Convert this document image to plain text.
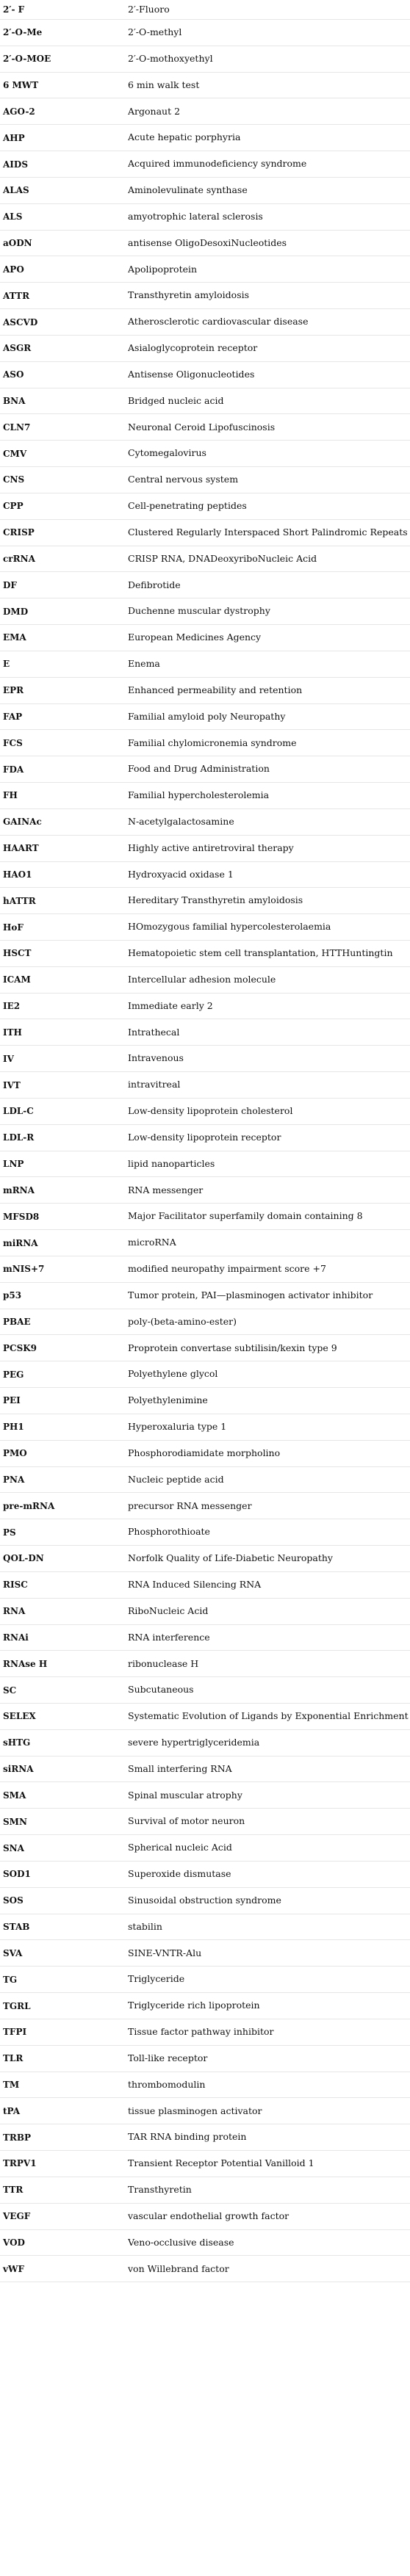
2′- F	2′-Fluoro
2′-O-Me	2′-O-methyl
2′-O-MOE	2′-O-mothoxyethyl
6 MWT	6 min walk test
AGO-2	Argonaut 2
AHP	Acute hepatic porphyria
AIDS	Acquired immunodeficiency syndrome
ALAS	Aminolevulinate synthase
ALS	amyotrophic lateral sclerosis
aODN	antisense OligoDesoxiNucleotides
APO	Apolipoprotein
ATTR	Transthyretin amyloidosis
ASCVD	Atherosclerotic cardiovascular disease
ASGR	Asialoglycoprotein receptor
ASO	Antisense Oligonucleotides
BNA	Bridged nucleic acid
CLN7	Neuronal Ceroid Lipofuscinosis
CMV	Cytomegalovirus
CNS	Central nervous system
CPP	Cell-penetrating peptides
CRISP	Clustered Regularly Interspaced Short Palindromic Repeats
crRNA	CRISP RNA, DNADeoxyriboNucleic Acid
DF	Defibrotide
DMD	Duchenne muscular dystrophy
EMA	European Medicines Agency
E	Enema
EPR	Enhanced permeability and retention
FAP	Familial amyloid poly Neuropathy
FCS	Familial chylomicronemia syndrome
FDA	Food and Drug Administration
FH	Familial hypercholesterolemia
GAINAc	N-acetylgalactosamine
HAART	Highly active antiretroviral therapy
HAO1	Hydroxyacid oxidase 1
hATTR	Hereditary Transthyretin amyloidosis
HoF	HOmozygous familial hypercolesterolaemia
HSCT	Hematopoietic stem cell transplantation, HTTHuntingtin
ICAM	Intercellular adhesion molecule
IE2	Immediate early 2
ITH	Intrathecal
IV	Intravenous
IVT	intravitreal
LDL-C	Low-density lipoprotein cholesterol
LDL-R	Low-density lipoprotein receptor
LNP	lipid nanoparticles
mRNA	RNA messenger
MFSD8	Major Facilitator superfamily domain containing 8
miRNA	microRNA
mNIS+7	modified neuropathy impairment score +7
p53	Tumor protein, PAI—plasminogen activator inhibitor
PBAE	poly-(beta-amino-ester)
PCSK9	Proprotein convertase subtilisin/kexin type 9
PEG	Polyethylene glycol
PEI	Polyethylenimine
PH1	Hyperoxaluria type 1
PMO	Phosphorodiamidate morpholino
PNA	Nucleic peptide acid
pre-mRNA	precursor RNA messenger
PS	Phosphorothioate
QOL-DN	Norfolk Quality of Life-Diabetic Neuropathy
RISC	RNA Induced Silencing RNA
RNA	RiboNucleic Acid
RNAi	RNA interference
RNAse H	ribonuclease H
SC	Subcutaneous
SELEX	Systematic Evolution of Ligands by Exponential Enrichment
sHTG	severe hypertriglyceridemia
siRNA	Small interfering RNA
SMA	Spinal muscular atrophy
SMN	Survival of motor neuron
SNA	Spherical nucleic Acid
SOD1	Superoxide dismutase
SOS	Sinusoidal obstruction syndrome
STAB	stabilin
SVA	SINE-VNTR-Alu
TG	Triglyceride
TGRL	Triglyceride rich lipoprotein
TFPI	Tissue factor pathway inhibitor
TLR	Toll-like receptor
TM	thrombomodulin
tPA	tissue plasminogen activator
TRBP	TAR RNA binding protein
TRPV1	Transient Receptor Potential Vanilloid 1
TTR	Transthyretin
VEGF	vascular endothelial growth factor
VOD	Veno-occlusive disease
vWF	von Willebrand factor
